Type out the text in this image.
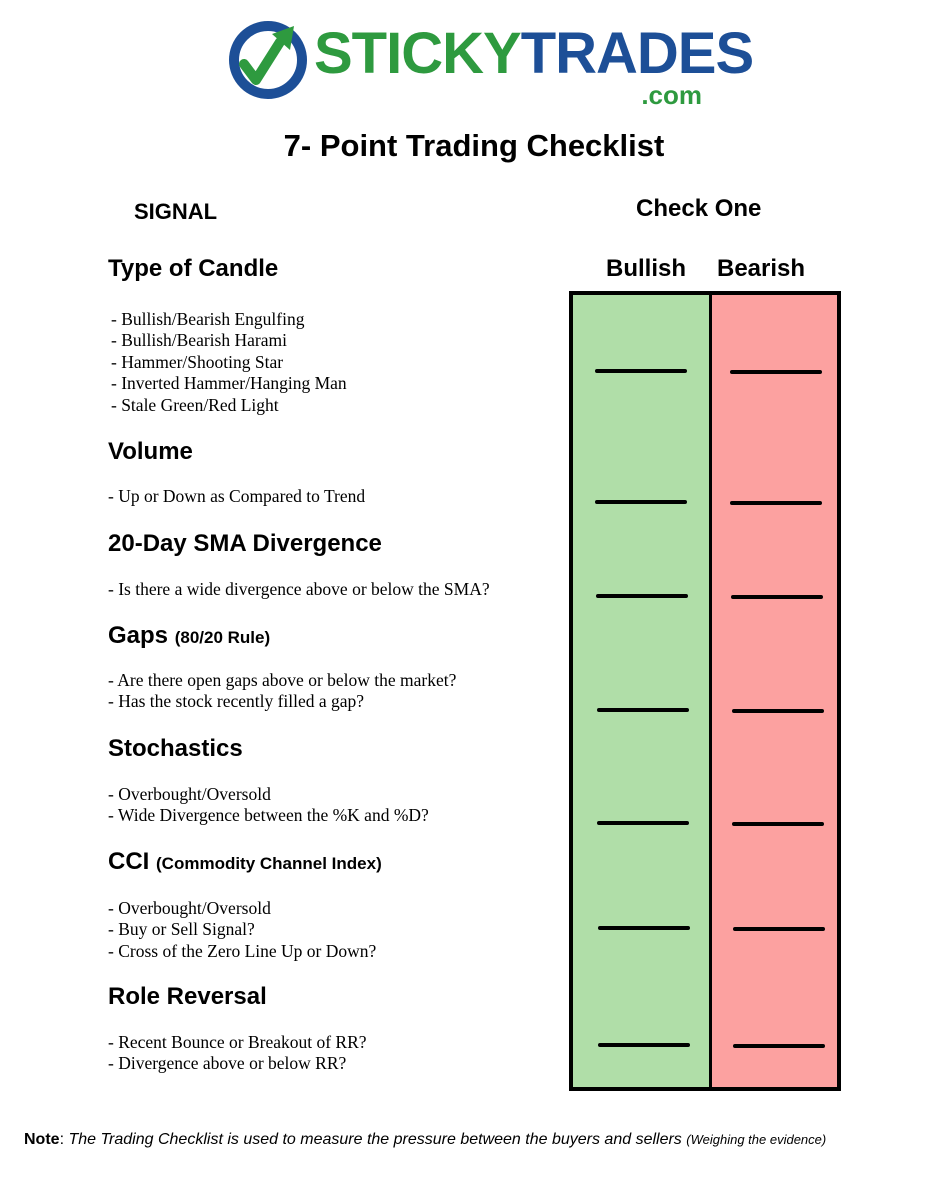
STICKYTRADES
.com
7- Point Trading Checklist
SIGNAL	Check One
Bullish Bearish
Type of Candle
- Bullish/Bearish Engulfing
- Bullish/Bearish Harami
- Hammer/Shooting Star
- Inverted Hammer/Hanging Man
- Stale Green/Red Light
Volume
- Up or Down as Compared to Trend
20-Day SMA Divergence
- Is there a wide divergence above or below the SMA?
Gaps (80/20 Rule)
- Are there open gaps above or below the market?
- Has the stock recently filled a gap?
Stochastics
- Overbought/Oversold
- Wide Divergence between the %K and %D?
CCI (Commodity Channel Index)
- Overbought/Oversold
- Buy or Sell Signal?
- Cross of the Zero Line Up or Down?
Role Reversal
- Recent Bounce or Breakout of RR?
- Divergence above or below RR?
Note: The Trading Checklist is used to measure the pressure between the buyers and sellers (Weighing the evidence)
